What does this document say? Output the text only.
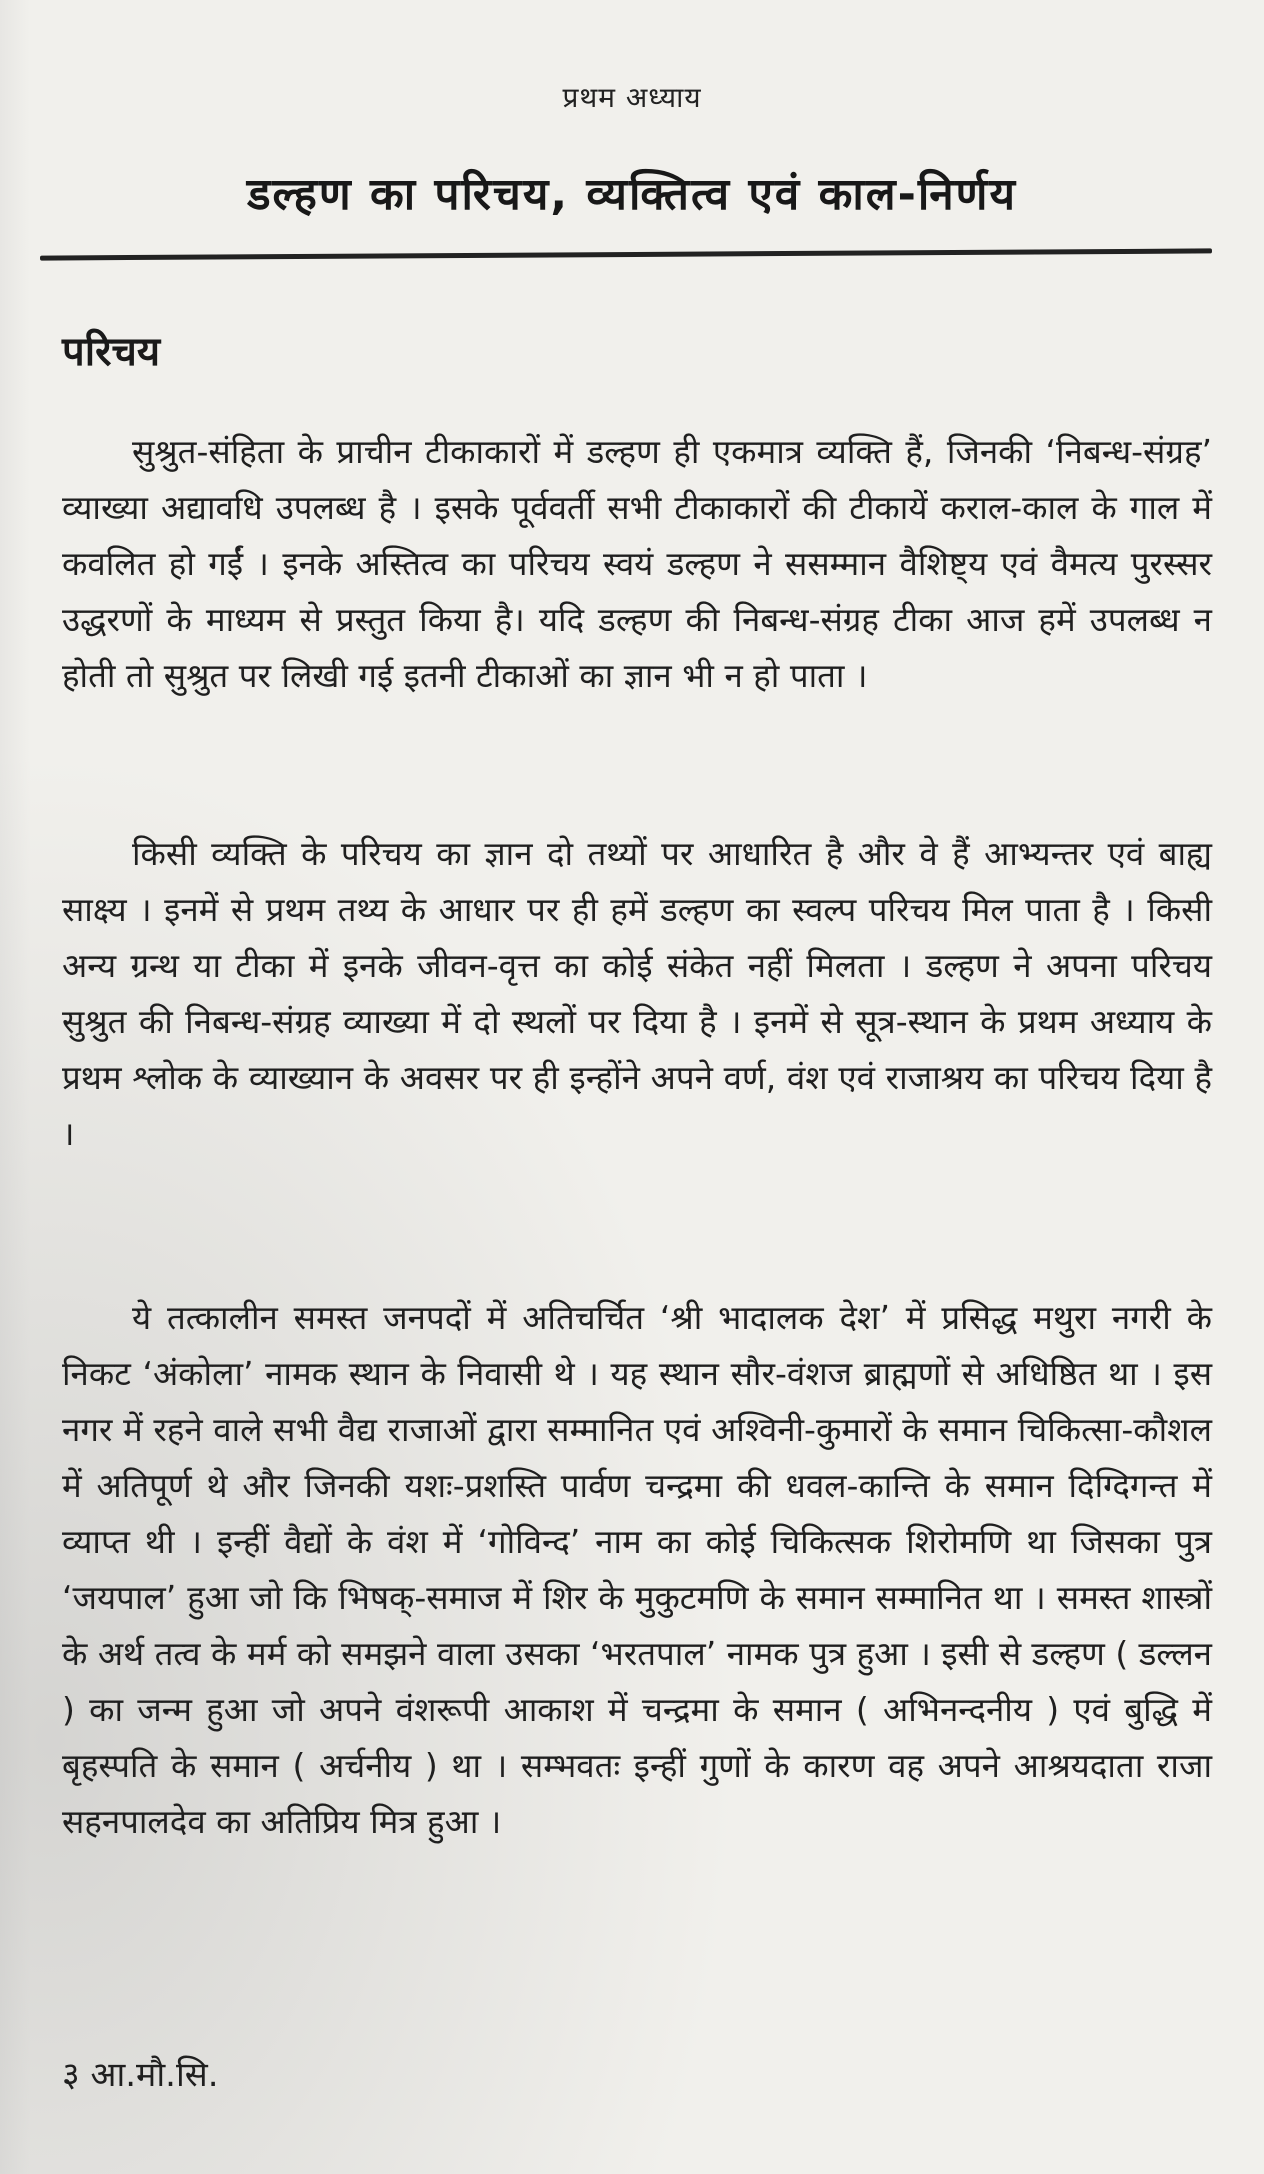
प्रथम अध्याय
डल्हण का परिचय, व्यक्तित्व एवं काल-निर्णय
परिचय

सुश्रुत-संहिता के प्राचीन टीकाकारों में डल्हण ही एकमात्र व्यक्ति हैं, जिनकी ‘निबन्ध-संग्रह’ व्याख्या अद्यावधि उपलब्ध है । इसके पूर्ववर्ती सभी टीकाकारों की टीकायें कराल-काल के गाल में कवलित हो गईं । इनके अस्तित्व का परिचय स्वयं डल्हण ने ससम्मान वैशिष्ट्य एवं वैमत्य पुरस्सर उद्धरणों के माध्यम से प्रस्तुत किया है। यदि डल्हण की निबन्ध-संग्रह टीका आज हमें उपलब्ध न होती तो सुश्रुत पर लिखी गई इतनी टीकाओं का ज्ञान भी न हो पाता ।

किसी व्यक्ति के परिचय का ज्ञान दो तथ्यों पर आधारित है और वे हैं आभ्यन्तर एवं बाह्य साक्ष्य । इनमें से प्रथम तथ्य के आधार पर ही हमें डल्हण का स्वल्प परिचय मिल पाता है । किसी अन्य ग्रन्थ या टीका में इनके जीवन-वृत्त का कोई संकेत नहीं मिलता । डल्हण ने अपना परिचय सुश्रुत की निबन्ध-संग्रह व्याख्या में दो स्थलों पर दिया है । इनमें से सूत्र-स्थान के प्रथम अध्याय के प्रथम श्लोक के व्याख्यान के अवसर पर ही इन्होंने अपने वर्ण, वंश एवं राजाश्रय का परिचय दिया है ।

ये तत्कालीन समस्त जनपदों में अतिचर्चित ‘श्री भादालक देश’ में प्रसिद्ध मथुरा नगरी के निकट ‘अंकोला’ नामक स्थान के निवासी थे । यह स्थान सौर-वंशज ब्राह्मणों से अधिष्ठित था । इस नगर में रहने वाले सभी वैद्य राजाओं द्वारा सम्मानित एवं अश्विनी-कुमारों के समान चिकित्सा-कौशल में अतिपूर्ण थे और जिनकी यशः-प्रशस्ति पार्वण चन्द्रमा की धवल-कान्ति के समान दिग्दिगन्त में व्याप्त थी । इन्हीं वैद्यों के वंश में ‘गोविन्द’ नाम का कोई चिकित्सक शिरोमणि था जिसका पुत्र ‘जयपाल’ हुआ जो कि भिषक्-समाज में शिर के मुकुटमणि के समान सम्मानित था । समस्त शास्त्रों के अर्थ तत्व के मर्म को समझने वाला उसका ‘भरतपाल’ नामक पुत्र हुआ । इसी से डल्हण ( डल्लन ) का जन्म हुआ जो अपने वंशरूपी आकाश में चन्द्रमा के समान ( अभिनन्दनीय ) एवं बुद्धि में बृहस्पति के समान ( अर्चनीय ) था । सम्भवतः इन्हीं गुणों के कारण वह अपने आश्रयदाता राजा सहनपालदेव का अतिप्रिय मित्र हुआ ।

३ आ.मौ.सि.
